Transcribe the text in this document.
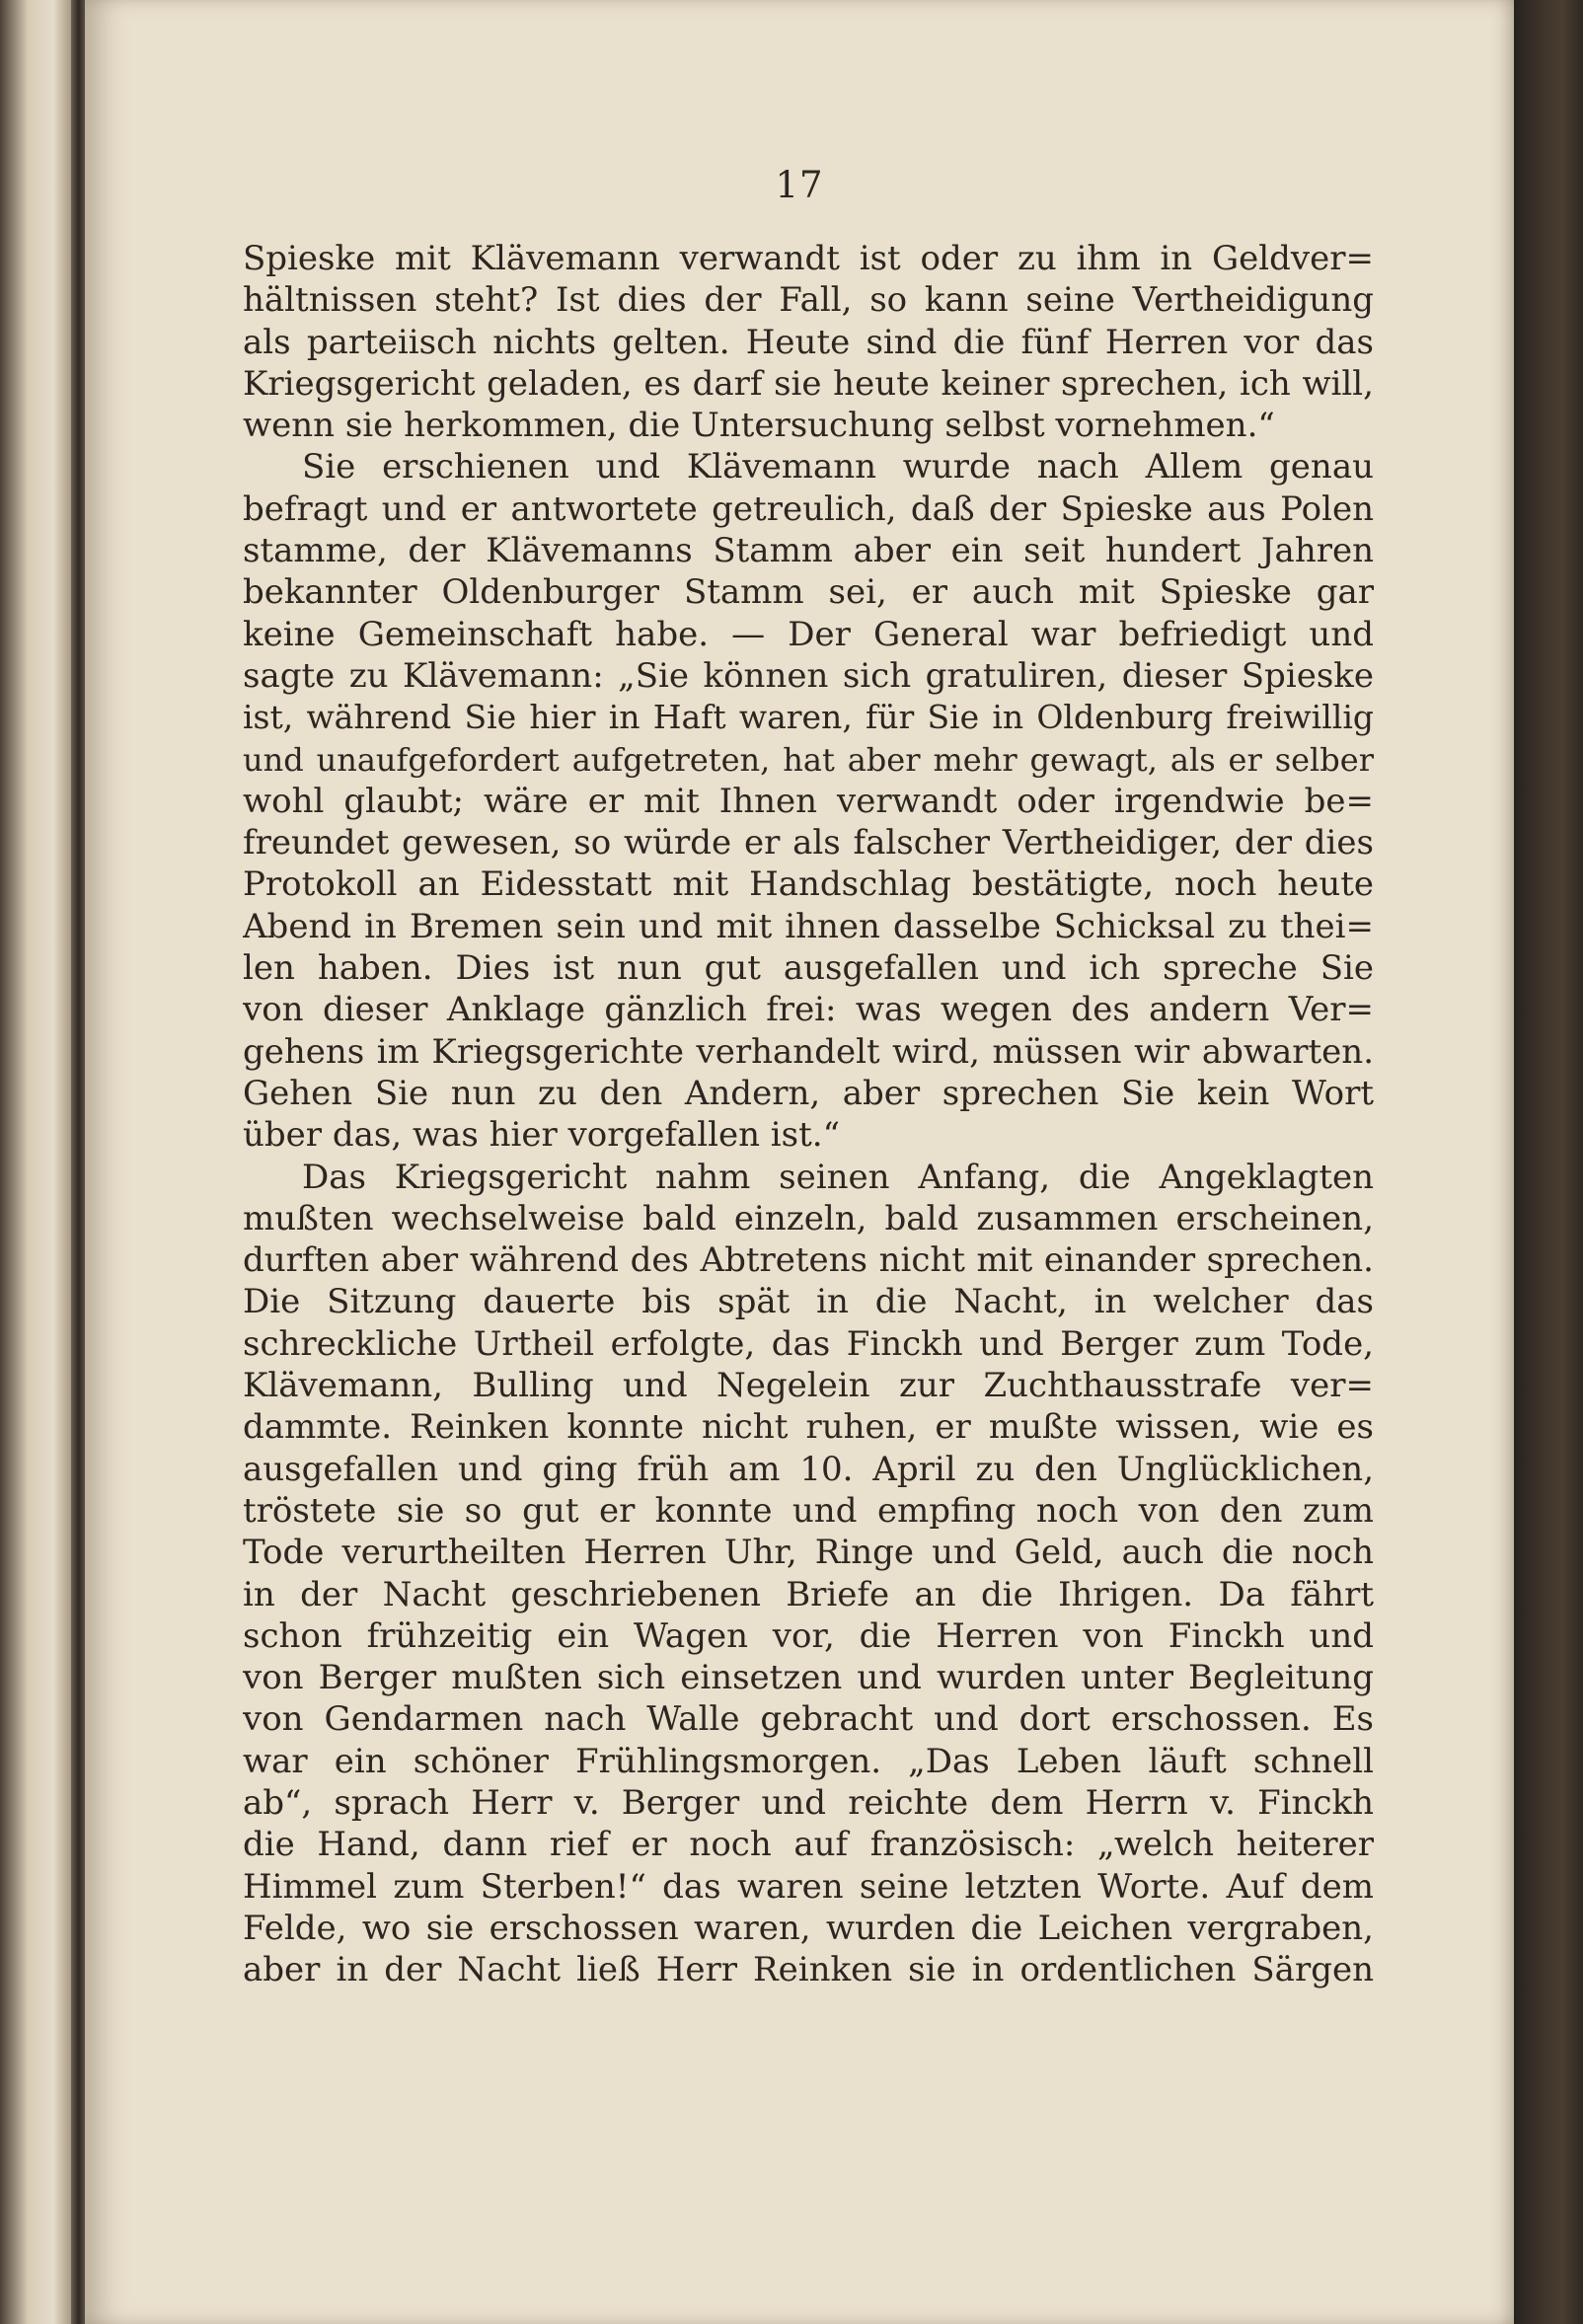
17
Spieske mit Klävemann verwandt ist oder zu ihm in Geldver=
hältnissen steht? Ist dies der Fall, so kann seine Vertheidigung
als parteiisch nichts gelten. Heute sind die fünf Herren vor das
Kriegsgericht geladen, es darf sie heute keiner sprechen, ich will,
wenn sie herkommen, die Untersuchung selbst vornehmen.“
Sie erschienen und Klävemann wurde nach Allem genau
befragt und er antwortete getreulich, daß der Spieske aus Polen
stamme, der Klävemanns Stamm aber ein seit hundert Jahren
bekannter Oldenburger Stamm sei, er auch mit Spieske gar
keine Gemeinschaft habe. — Der General war befriedigt und
sagte zu Klävemann: „Sie können sich gratuliren, dieser Spieske
ist, während Sie hier in Haft waren, für Sie in Oldenburg freiwillig
und unaufgefordert aufgetreten, hat aber mehr gewagt, als er selber
wohl glaubt; wäre er mit Ihnen verwandt oder irgendwie be=
freundet gewesen, so würde er als falscher Vertheidiger, der dies
Protokoll an Eidesstatt mit Handschlag bestätigte, noch heute
Abend in Bremen sein und mit ihnen dasselbe Schicksal zu thei=
len haben. Dies ist nun gut ausgefallen und ich spreche Sie
von dieser Anklage gänzlich frei: was wegen des andern Ver=
gehens im Kriegsgerichte verhandelt wird, müssen wir abwarten.
Gehen Sie nun zu den Andern, aber sprechen Sie kein Wort
über das, was hier vorgefallen ist.“
Das Kriegsgericht nahm seinen Anfang, die Angeklagten
mußten wechselweise bald einzeln, bald zusammen erscheinen,
durften aber während des Abtretens nicht mit einander sprechen.
Die Sitzung dauerte bis spät in die Nacht, in welcher das
schreckliche Urtheil erfolgte, das Finckh und Berger zum Tode,
Klävemann, Bulling und Negelein zur Zuchthausstrafe ver=
dammte. Reinken konnte nicht ruhen, er mußte wissen, wie es
ausgefallen und ging früh am 10. April zu den Unglücklichen,
tröstete sie so gut er konnte und empfing noch von den zum
Tode verurtheilten Herren Uhr, Ringe und Geld, auch die noch
in der Nacht geschriebenen Briefe an die Ihrigen. Da fährt
schon frühzeitig ein Wagen vor, die Herren von Finckh und
von Berger mußten sich einsetzen und wurden unter Begleitung
von Gendarmen nach Walle gebracht und dort erschossen. Es
war ein schöner Frühlingsmorgen. „Das Leben läuft schnell
ab“, sprach Herr v. Berger und reichte dem Herrn v. Finckh
die Hand, dann rief er noch auf französisch: „welch heiterer
Himmel zum Sterben!“ das waren seine letzten Worte. Auf dem
Felde, wo sie erschossen waren, wurden die Leichen vergraben,
aber in der Nacht ließ Herr Reinken sie in ordentlichen Särgen
